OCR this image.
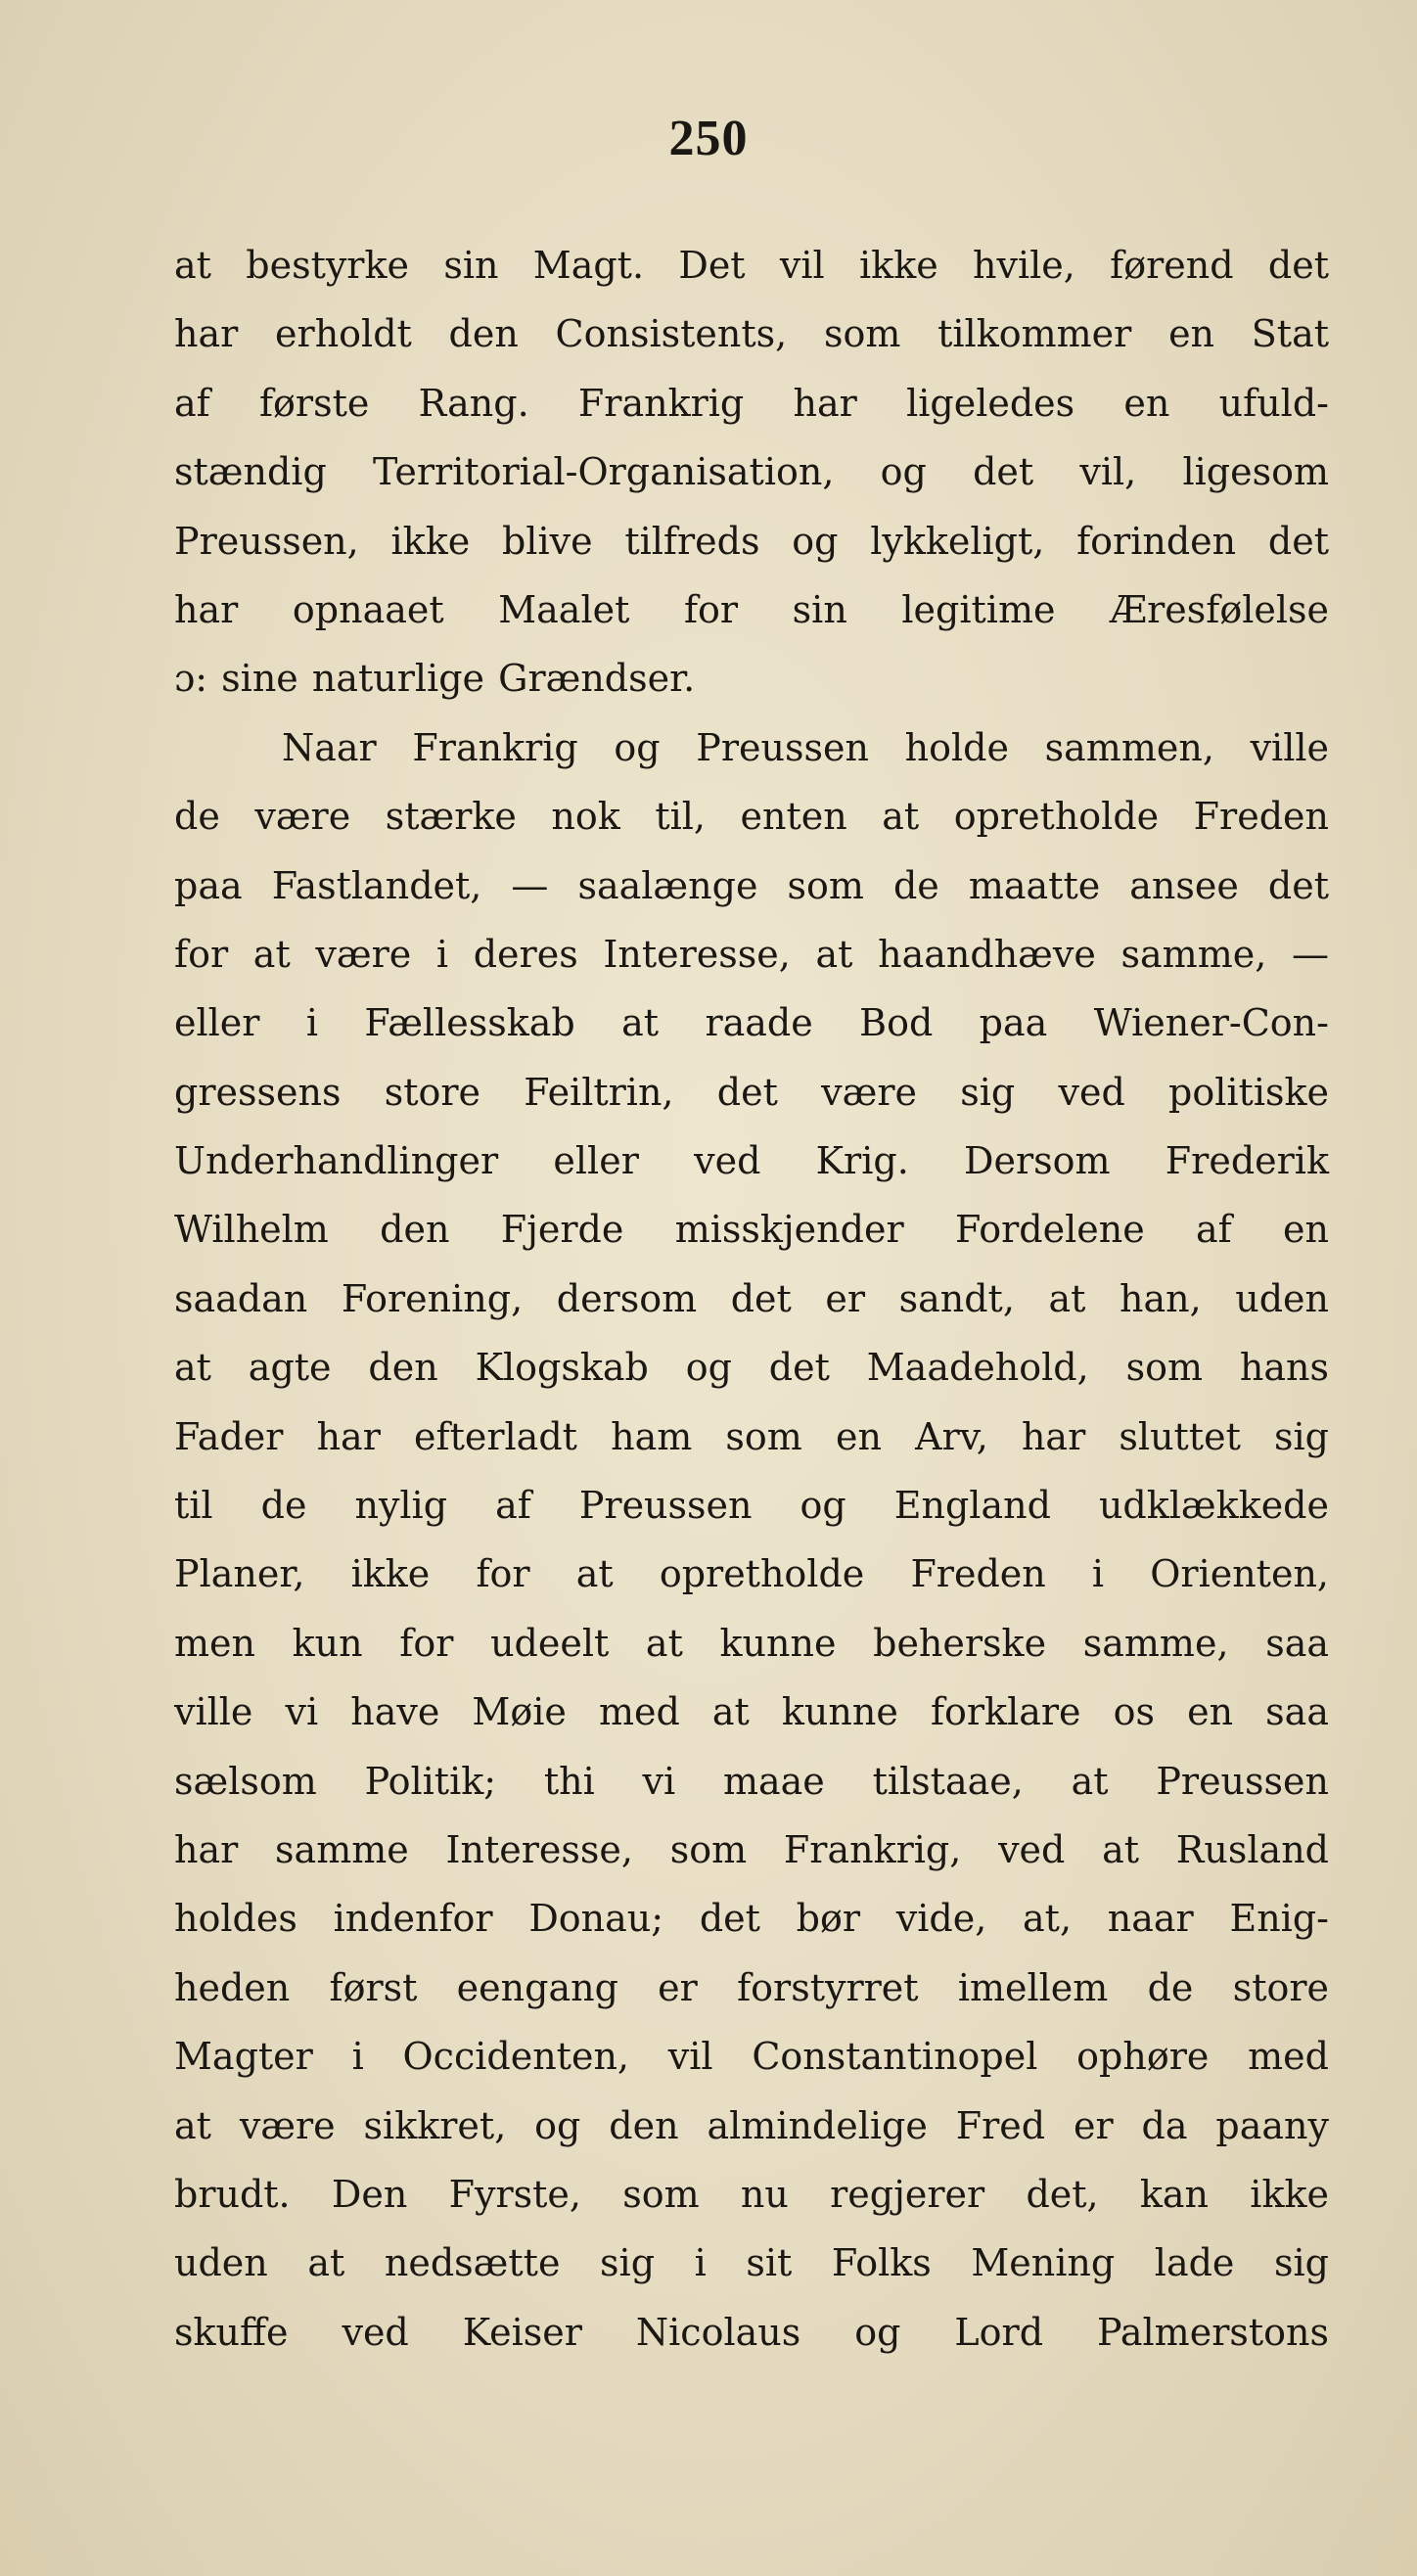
250
at bestyrke sin Magt. Det vil ikke hvile, førend det
har erholdt den Consistents, som tilkommer en Stat
af første Rang. Frankrig har ligeledes en ufuld-
stændig Territorial-Organisation, og det vil, ligesom
Preussen, ikke blive tilfreds og lykkeligt, forinden det
har opnaaet Maalet for sin legitime Æresfølelse
ɔ: sine naturlige Grændser.
Naar Frankrig og Preussen holde sammen, ville
de være stærke nok til, enten at opretholde Freden
paa Fastlandet, — saalænge som de maatte ansee det
for at være i deres Interesse, at haandhæve samme, —
eller i Fællesskab at raade Bod paa Wiener-Con-
gressens store Feiltrin, det være sig ved politiske
Underhandlinger eller ved Krig. Dersom Frederik
Wilhelm den Fjerde misskjender Fordelene af en
saadan Forening, dersom det er sandt, at han, uden
at agte den Klogskab og det Maadehold, som hans
Fader har efterladt ham som en Arv, har sluttet sig
til de nylig af Preussen og England udklækkede
Planer, ikke for at opretholde Freden i Orienten,
men kun for udeelt at kunne beherske samme, saa
ville vi have Møie med at kunne forklare os en saa
sælsom Politik; thi vi maae tilstaae, at Preussen
har samme Interesse, som Frankrig, ved at Rusland
holdes indenfor Donau; det bør vide, at, naar Enig-
heden først eengang er forstyrret imellem de store
Magter i Occidenten, vil Constantinopel ophøre med
at være sikkret, og den almindelige Fred er da paany
brudt. Den Fyrste, som nu regjerer det, kan ikke
uden at nedsætte sig i sit Folks Mening lade sig
skuffe ved Keiser Nicolaus og Lord Palmerstons
